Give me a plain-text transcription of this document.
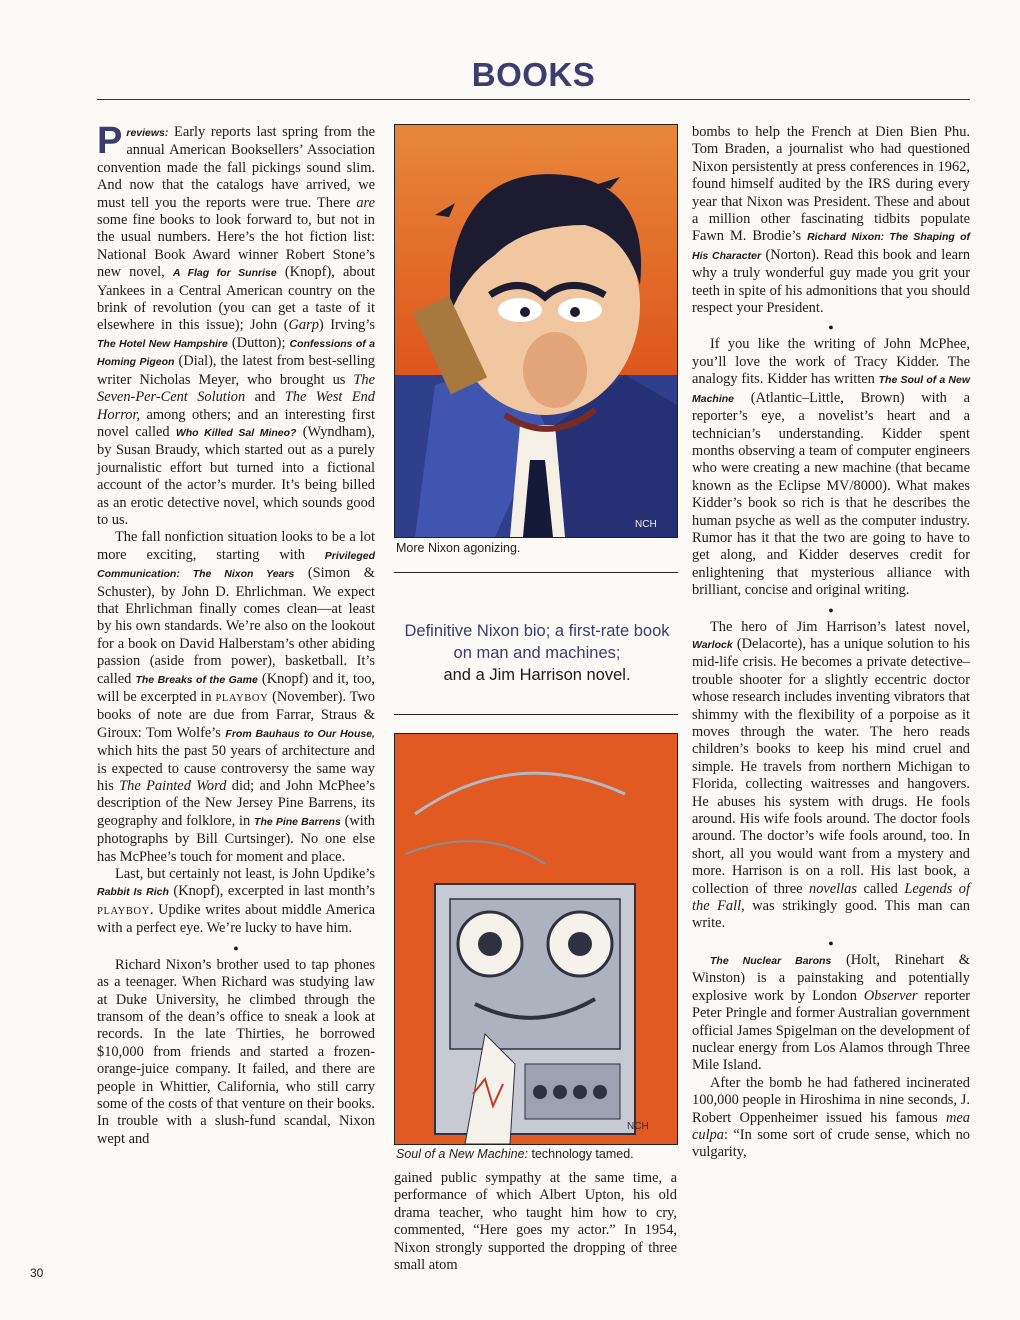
BOOKS

Previews: Early reports last spring from the annual American Booksellers’ Association convention made the fall pickings sound slim. And now that the catalogs have arrived, we must tell you the reports were true. There are some fine books to look forward to, but not in the usual numbers. Here’s the hot fiction list: National Book Award winner Robert Stone’s new novel, A Flag for Sunrise (Knopf), about Yankees in a Central American country on the brink of revolution (you can get a taste of it elsewhere in this issue); John (Garp) Irving’s The Hotel New Hampshire (Dutton); Confessions of a Homing Pigeon (Dial), the latest from best-selling writer Nicholas Meyer, who brought us The Seven-Per-Cent Solution and The West End Horror, among others; and an interesting first novel called Who Killed Sal Mineo? (Wyndham), by Susan Braudy, which started out as a purely journalistic effort but turned into a fictional account of the actor’s murder. It’s being billed as an erotic detective novel, which sounds good to us.

The fall nonfiction situation looks to be a lot more exciting, starting with Privileged Communication: The Nixon Years (Simon & Schuster), by John D. Ehrlichman. We expect that Ehrlichman finally comes clean—at least by his own standards. We’re also on the lookout for a book on David Halberstam’s other abiding passion (aside from power), basketball. It’s called The Breaks of the Game (Knopf) and it, too, will be excerpted in PLAYBOY (November). Two books of note are due from Farrar, Straus & Giroux: Tom Wolfe’s From Bauhaus to Our House, which hits the past 50 years of architecture and is expected to cause controversy the same way his The Painted Word did; and John McPhee’s description of the New Jersey Pine Barrens, its geography and folklore, in The Pine Barrens (with photographs by Bill Curtsinger). No one else has McPhee’s touch for moment and place.

Last, but certainly not least, is John Updike’s Rabbit Is Rich (Knopf), excerpted in last month’s PLAYBOY. Updike writes about middle America with a perfect eye. We’re lucky to have him.

●

Richard Nixon’s brother used to tap phones as a teenager. When Richard was studying law at Duke University, he climbed through the transom of the dean’s office to sneak a look at records. In the late Thirties, he borrowed $10,000 from friends and started a frozen-orange-juice company. It failed, and there are people in Whittier, California, who still carry some of the costs of that venture on their books. In trouble with a slush-fund scandal, Nixon wept and

NCH
More Nixon agonizing.
Definitive Nixon bio; a first-rate book on man and machines;
and a Jim Harrison novel.
NCH
Soul of a New Machine: technology tamed.

gained public sympathy at the same time, a performance of which Albert Upton, his old drama teacher, who taught him how to cry, commented, “Here goes my actor.” In 1954, Nixon strongly supported the dropping of three small atom

bombs to help the French at Dien Bien Phu. Tom Braden, a journalist who had questioned Nixon persistently at press conferences in 1962, found himself audited by the IRS during every year that Nixon was President. These and about a million other fascinating tidbits populate Fawn M. Brodie’s Richard Nixon: The Shaping of His Character (Norton). Read this book and learn why a truly wonderful guy made you grit your teeth in spite of his admonitions that you should respect your President.

●

If you like the writing of John McPhee, you’ll love the work of Tracy Kidder. The analogy fits. Kidder has written The Soul of a New Machine (Atlantic–Little, Brown) with a reporter’s eye, a novelist’s heart and a technician’s understanding. Kidder spent months observing a team of computer engineers who were creating a new machine (that became known as the Eclipse MV/8000). What makes Kidder’s book so rich is that he describes the human psyche as well as the computer industry. Rumor has it that the two are going to have to get along, and Kidder deserves credit for enlightening that mysterious alliance with brilliant, concise and original writing.

●

The hero of Jim Harrison’s latest novel, Warlock (Delacorte), has a unique solution to his mid-life crisis. He becomes a private detective–trouble shooter for a slightly eccentric doctor whose research includes inventing vibrators that shimmy with the flexibility of a porpoise as it moves through the water. The hero reads children’s books to keep his mind cruel and simple. He travels from northern Michigan to Florida, collecting waitresses and hangovers. He abuses his system with drugs. He fools around. His wife fools around. The doctor fools around. The doctor’s wife fools around, too. In short, all you would want from a mystery and more. Harrison is on a roll. His last book, a collection of three novellas called Legends of the Fall, was strikingly good. This man can write.

●

The Nuclear Barons (Holt, Rinehart & Winston) is a painstaking and potentially explosive work by London Observer reporter Peter Pringle and former Australian government official James Spigelman on the development of nuclear energy from Los Alamos through Three Mile Island.

After the bomb he had fathered incinerated 100,000 people in Hiroshima in nine seconds, J. Robert Oppenheimer issued his famous mea culpa: “In some sort of crude sense, which no vulgarity,

30
